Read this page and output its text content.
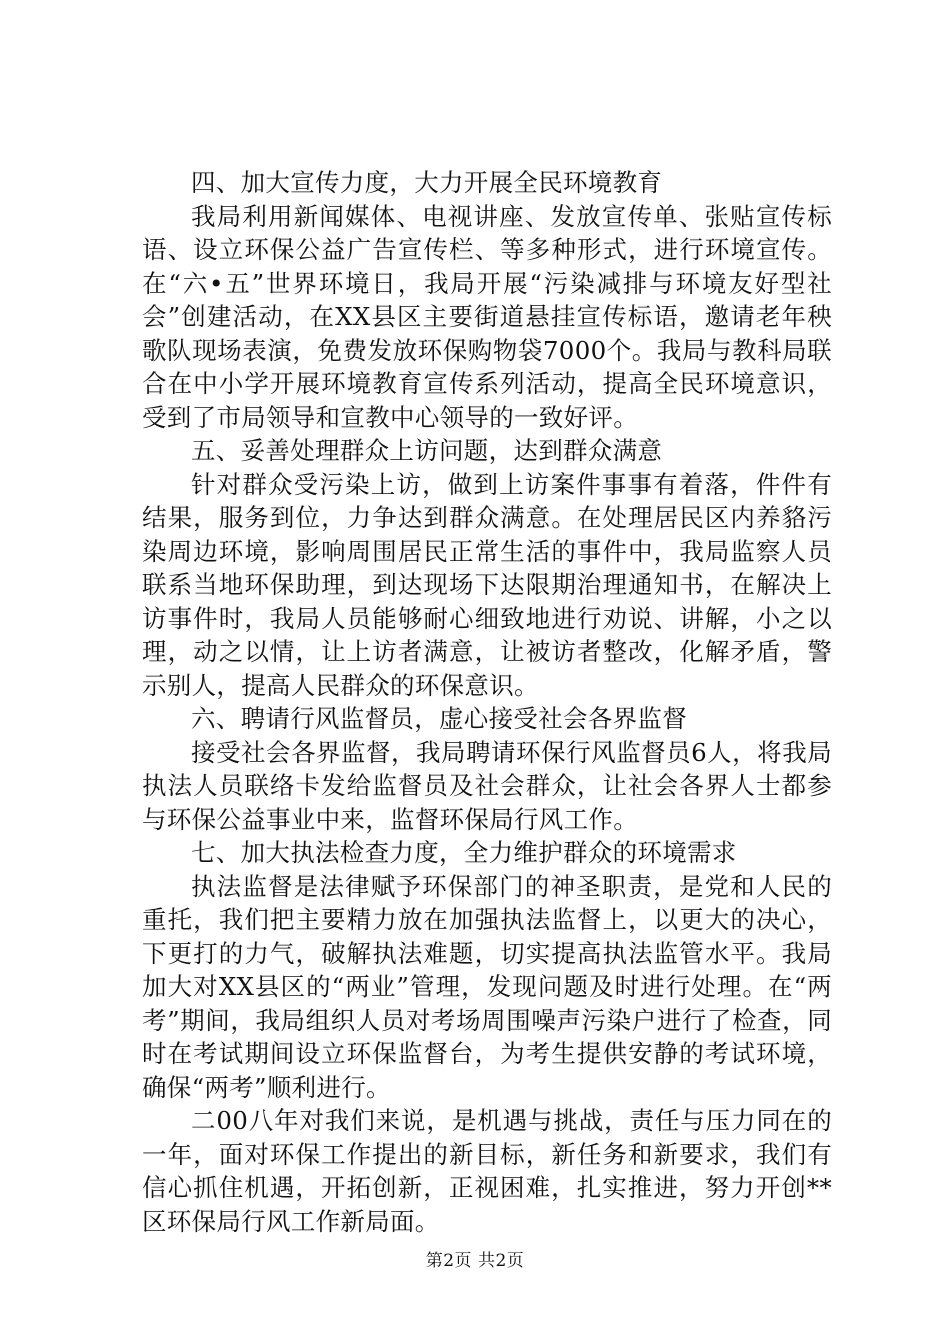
四、加大宣传力度，大力开展全民环境教育

我局利用新闻媒体、电视讲座、发放宣传单、张贴宣传标语、设立环保公益广告宣传栏、等多种形式，进行环境宣传。在“六•五”世界环境日，我局开展“污染减排与环境友好型社会”创建活动，在XX县区主要街道悬挂宣传标语，邀请老年秧歌队现场表演，免费发放环保购物袋7000个。我局与教科局联合在中小学开展环境教育宣传系列活动，提高全民环境意识，受到了市局领导和宣教中心领导的一致好评。

五、妥善处理群众上访问题，达到群众满意

针对群众受污染上访，做到上访案件事事有着落，件件有结果，服务到位，力争达到群众满意。在处理居民区内养貉污染周边环境，影响周围居民正常生活的事件中，我局监察人员联系当地环保助理，到达现场下达限期治理通知书，在解决上访事件时，我局人员能够耐心细致地进行劝说、讲解，小之以理，动之以情，让上访者满意，让被访者整改，化解矛盾，警示别人，提高人民群众的环保意识。

六、聘请行风监督员，虚心接受社会各界监督

接受社会各界监督，我局聘请环保行风监督员6人，将我局执法人员联络卡发给监督员及社会群众，让社会各界人士都参与环保公益事业中来，监督环保局行风工作。

七、加大执法检查力度，全力维护群众的环境需求

执法监督是法律赋予环保部门的神圣职责，是党和人民的重托，我们把主要精力放在加强执法监督上，以更大的决心，下更打的力气，破解执法难题，切实提高执法监管水平。我局加大对XX县区的“两业”管理，发现问题及时进行处理。在“两考”期间，我局组织人员对考场周围噪声污染户进行了检查，同时在考试期间设立环保监督台，为考生提供安静的考试环境，确保“两考”顺利进行。

二00八年对我们来说，是机遇与挑战，责任与压力同在的一年，面对环保工作提出的新目标，新任务和新要求，我们有信心抓住机遇，开拓创新，正视困难，扎实推进，努力开创**区环保局行风工作新局面。

第2页 共2页
